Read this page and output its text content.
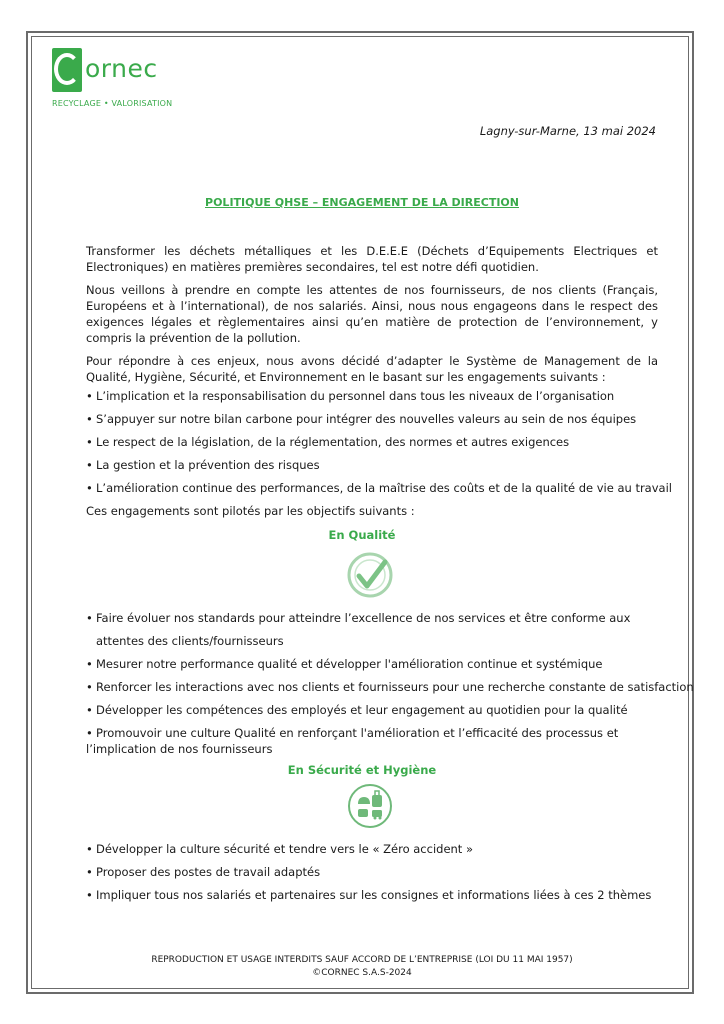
ornec
RECYCLAGE • VALORISATION
Lagny-sur-Marne, 13 mai 2024
POLITIQUE QHSE – ENGAGEMENT DE LA DIRECTION

Transformer les déchets métalliques et les D.E.E.E (Déchets d’Equipements Electriques et Electroniques) en matières premières secondaires, tel est notre défi quotidien.

Nous veillons à prendre en compte les attentes de nos fournisseurs, de nos clients (Français, Européens et à l’international), de nos salariés. Ainsi, nous nous engageons dans le respect des exigences légales et règlementaires ainsi qu’en matière de protection de l’environnement, y compris la prévention de la pollution.

Pour répondre à ces enjeux, nous avons décidé d’adapter le Système de Management de la Qualité, Hygiène, Sécurité, et Environnement en le basant sur les engagements suivants :

• L’implication et la responsabilisation du personnel dans tous les niveaux de l’organisation

• S’appuyer sur notre bilan carbone pour intégrer des nouvelles valeurs au sein de nos équipes

• Le respect de la législation, de la réglementation, des normes et autres exigences

• La gestion et la prévention des risques

• L’amélioration continue des performances, de la maîtrise des coûts et de la qualité de vie au travail

Ces engagements sont pilotés par les objectifs suivants :

En Qualité

• Faire évoluer nos standards pour atteindre l’excellence de nos services et être conforme aux

attentes des clients/fournisseurs

• Mesurer notre performance qualité et développer l'amélioration continue et systémique

• Renforcer les interactions avec nos clients et fournisseurs pour une recherche constante de satisfaction

• Développer les compétences des employés et leur engagement au quotidien pour la qualité

• Promouvoir une culture Qualité en renforçant l'amélioration et l’efficacité des processus et l’implication de nos fournisseurs

En Sécurité et Hygiène

• Développer la culture sécurité et tendre vers le « Zéro accident »

• Proposer des postes de travail adaptés

• Impliquer tous nos salariés et partenaires sur les consignes et informations liées à ces 2 thèmes

REPRODUCTION ET USAGE INTERDITS SAUF ACCORD DE L’ENTREPRISE (LOI DU 11 MAI 1957)
©CORNEC S.A.S-2024
